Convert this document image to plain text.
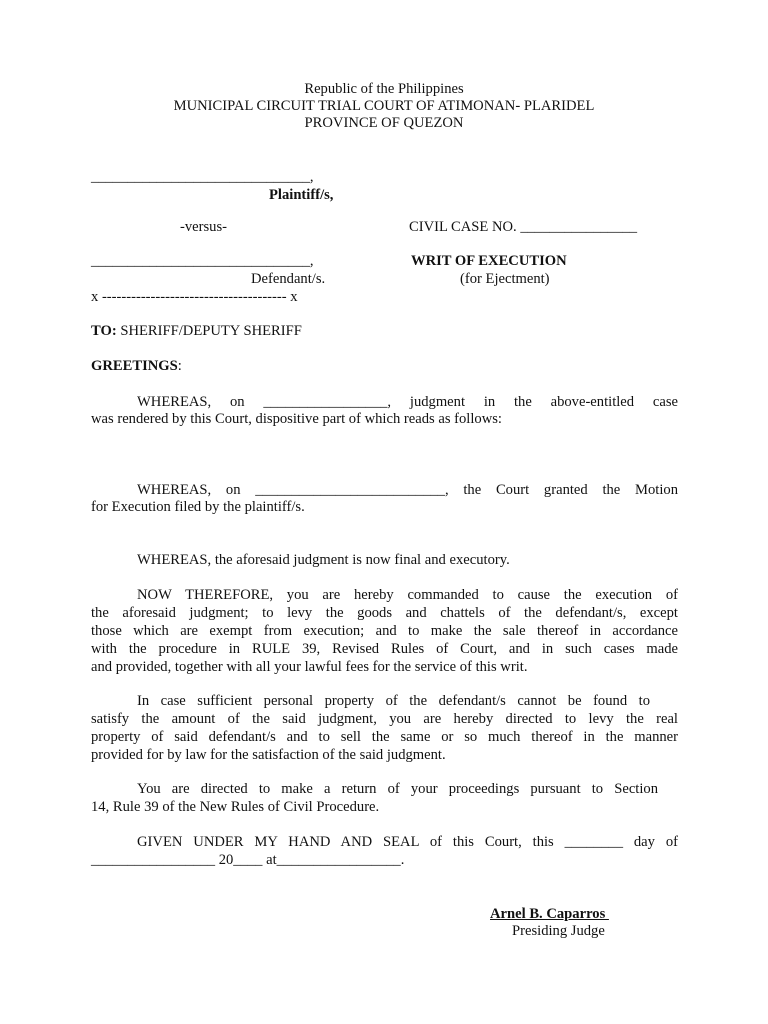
Republic of the Philippines
MUNICIPAL CIRCUIT TRIAL COURT OF ATIMONAN- PLARIDEL
PROVINCE OF QUEZON
______________________________,
Plaintiff/s,
-versus-	CIVIL CASE NO. ________________
______________________________,	WRIT OF EXECUTION
Defendant/s.	(for Ejectment)
x -------------------------------------- x
TO: SHERIFF/DEPUTY SHERIFF
GREETINGS:
WHEREAS, on _________________, judgment in the above-entitled case
was rendered by this Court, dispositive part of which reads as follows:
WHEREAS, on __________________________, the Court granted the Motion
for Execution filed by the plaintiff/s.
WHEREAS, the aforesaid judgment is now final and executory.
NOW THEREFORE, you are hereby commanded to cause the execution of
the aforesaid judgment; to levy the goods and chattels of the defendant/s, except
those which are exempt from execution; and to make the sale thereof in accordance
with the procedure in RULE 39, Revised Rules of Court, and in such cases made
and provided, together with all your lawful fees for the service of this writ.
In case sufficient personal property of the defendant/s cannot be found to
satisfy the amount of the said judgment, you are hereby directed to levy the real
property of said defendant/s and to sell the same or so much thereof in the manner
provided for by law for the satisfaction of the said judgment.
You are directed to make a return of your proceedings pursuant to Section
14, Rule 39 of the New Rules of Civil Procedure.
GIVEN UNDER MY HAND AND SEAL of this Court, this ________ day of
_________________ 20____ at_________________.
Arnel B. Caparros
Presiding Judge
